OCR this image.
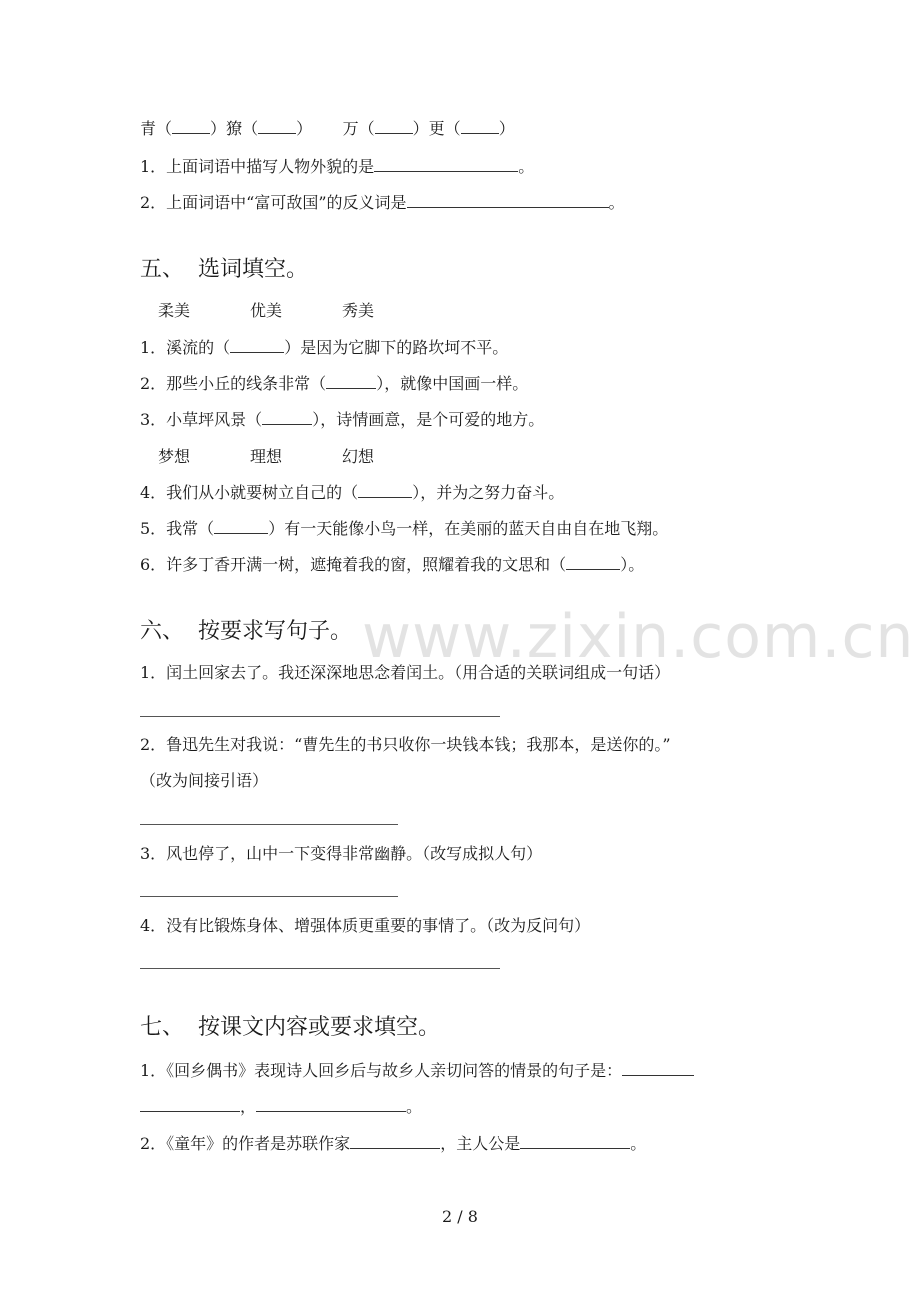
www.zixin.com.cn
青（ ）獠（ ）      万（ ）更（ ）
1．上面词语中描写人物外貌的是	。
2．上面词语中“富可敌国”的反义词是	。
五、  选词填空。
柔美	优美	秀美
1．溪流的（	）是因为它脚下的路坎坷不平。
2．那些小丘的线条非常（	），就像中国画一样。
3．小草坪风景（	），诗情画意，是个可爱的地方。
梦想	理想	幻想
4．我们从小就要树立自己的（	），并为之努力奋斗。
5．我常（	）有一天能像小鸟一样，在美丽的蓝天自由自在地飞翔。
6．许多丁香开满一树，遮掩着我的窗，照耀着我的文思和（	）。
六、  按要求写句子。
1．闰土回家去了。我还深深地思念着闰土。（用合适的关联词组成一句话）
2．鲁迅先生对我说：“曹先生的书只收你一块钱本钱；我那本，是送你的。”
（改为间接引语）
3．风也停了，山中一下变得非常幽静。（改写成拟人句）
4．没有比锻炼身体、增强体质更重要的事情了。（改为反问句）
七、  按课文内容或要求填空。
1．《回乡偶书》表现诗人回乡后与故乡人亲切问答的情景的句子是：
，	。
2．《童年》的作者是苏联作家	，主人公是	。
2 / 8
